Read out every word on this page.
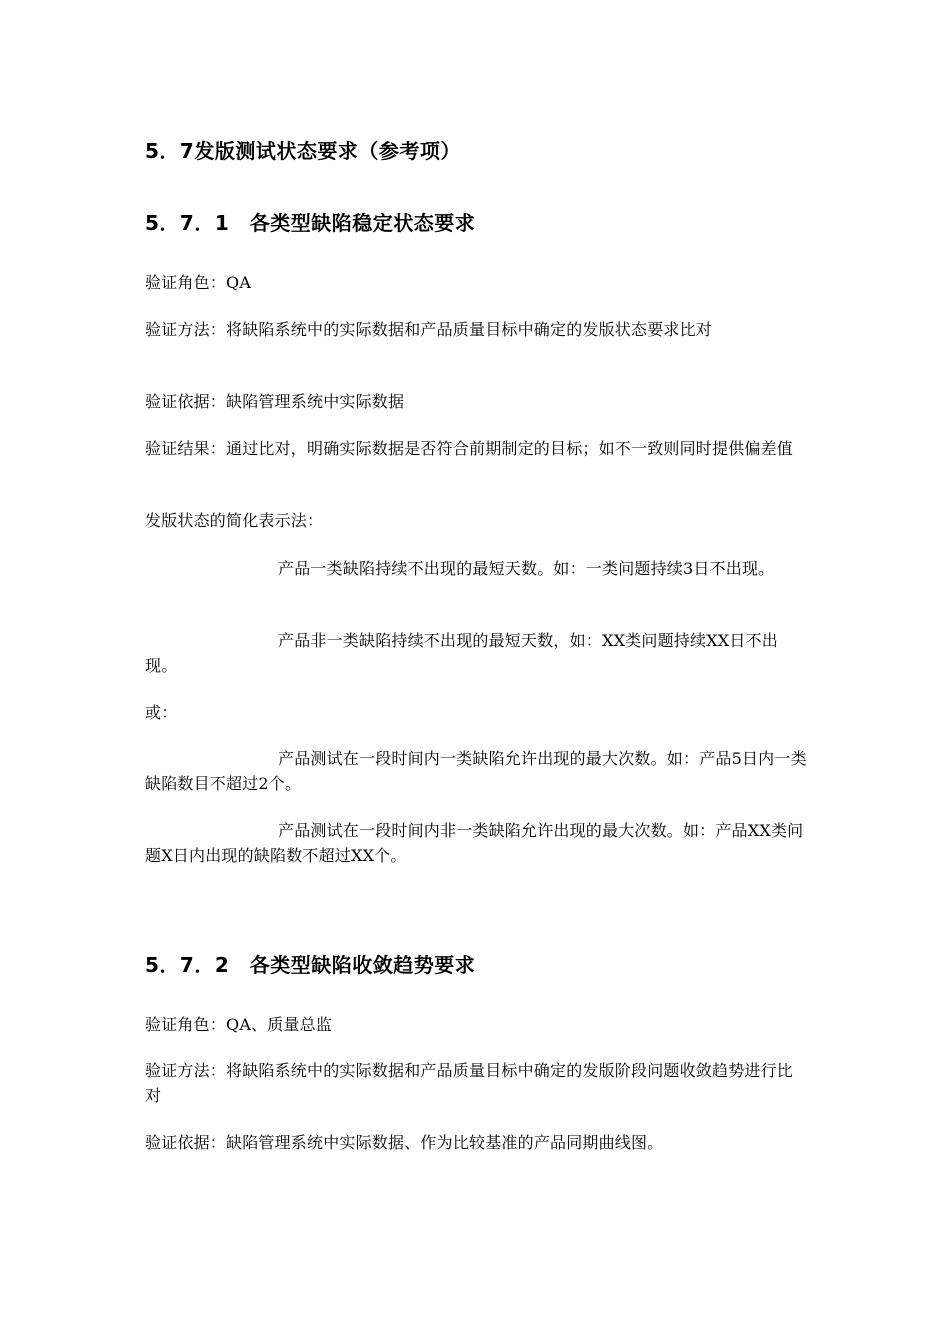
5．7发版测试状态要求（参考项）
5．7．1　各类型缺陷稳定状态要求
验证角色：QA
验证方法：将缺陷系统中的实际数据和产品质量目标中确定的发版状态要求比对
验证依据：缺陷管理系统中实际数据
验证结果：通过比对，明确实际数据是否符合前期制定的目标；如不一致则同时提供偏差值
发版状态的简化表示法：
产品一类缺陷持续不出现的最短天数。如：一类问题持续3日不出现。
产品非一类缺陷持续不出现的最短天数，如：XX类问题持续XX日不出现。
或：
产品测试在一段时间内一类缺陷允许出现的最大次数。如：产品5日内一类缺陷数目不超过2个。
产品测试在一段时间内非一类缺陷允许出现的最大次数。如：产品XX类问题X日内出现的缺陷数不超过XX个。
5．7．2　各类型缺陷收敛趋势要求
验证角色：QA、质量总监
验证方法：将缺陷系统中的实际数据和产品质量目标中确定的发版阶段问题收敛趋势进行比对
验证依据：缺陷管理系统中实际数据、作为比较基准的产品同期曲线图。
